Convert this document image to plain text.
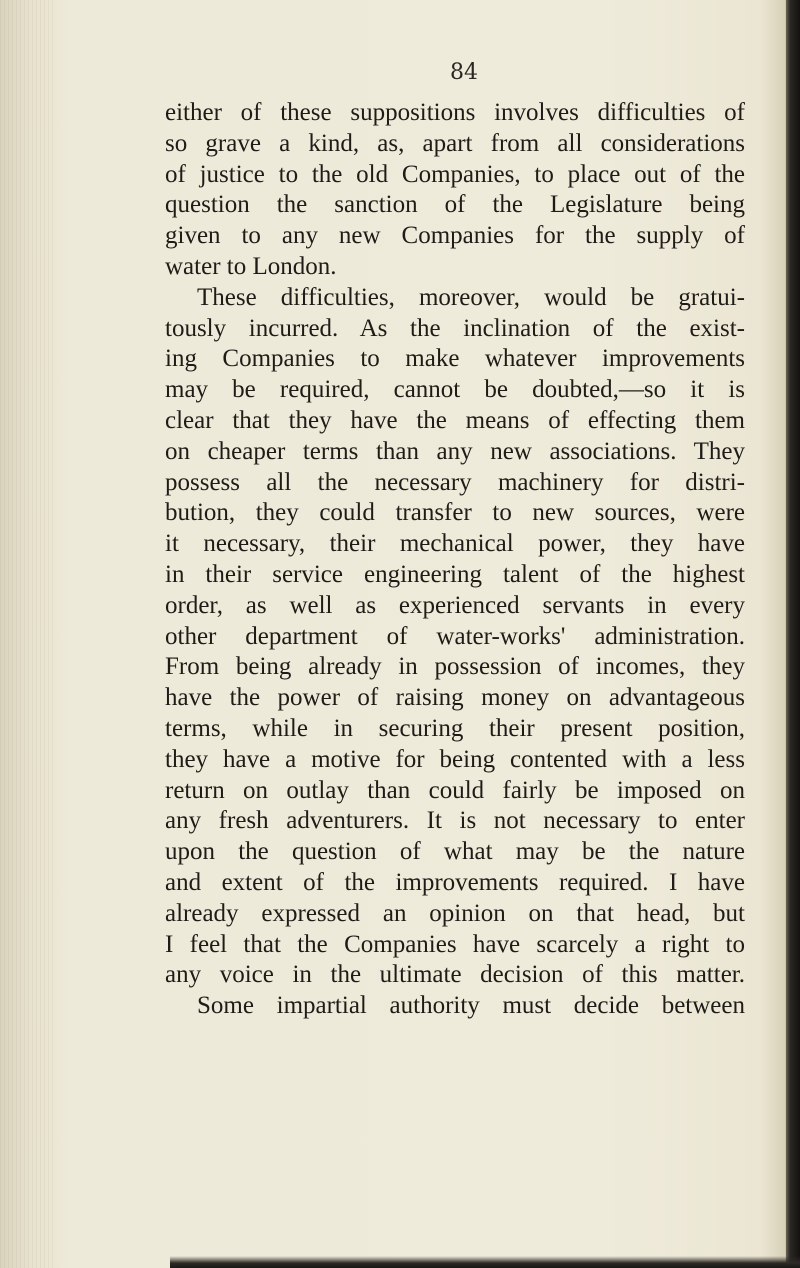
84
either of these suppositions involves difficulties of
so grave a kind, as, apart from all considerations
of justice to the old Companies, to place out of the
question the sanction of the Legislature being
given to any new Companies for the supply of
water to London.
These difficulties, moreover, would be gratui-
tously incurred. As the inclination of the exist-
ing Companies to make whatever improvements
may be required, cannot be doubted,—so it is
clear that they have the means of effecting them
on cheaper terms than any new associations. They
possess all the necessary machinery for distri-
bution, they could transfer to new sources, were
it necessary, their mechanical power, they have
in their service engineering talent of the highest
order, as well as experienced servants in every
other department of water-works' administration.
From being already in possession of incomes, they
have the power of raising money on advantageous
terms, while in securing their present position,
they have a motive for being contented with a less
return on outlay than could fairly be imposed on
any fresh adventurers. It is not necessary to enter
upon the question of what may be the nature
and extent of the improvements required. I have
already expressed an opinion on that head, but
I feel that the Companies have scarcely a right to
any voice in the ultimate decision of this matter.
Some impartial authority must decide between
